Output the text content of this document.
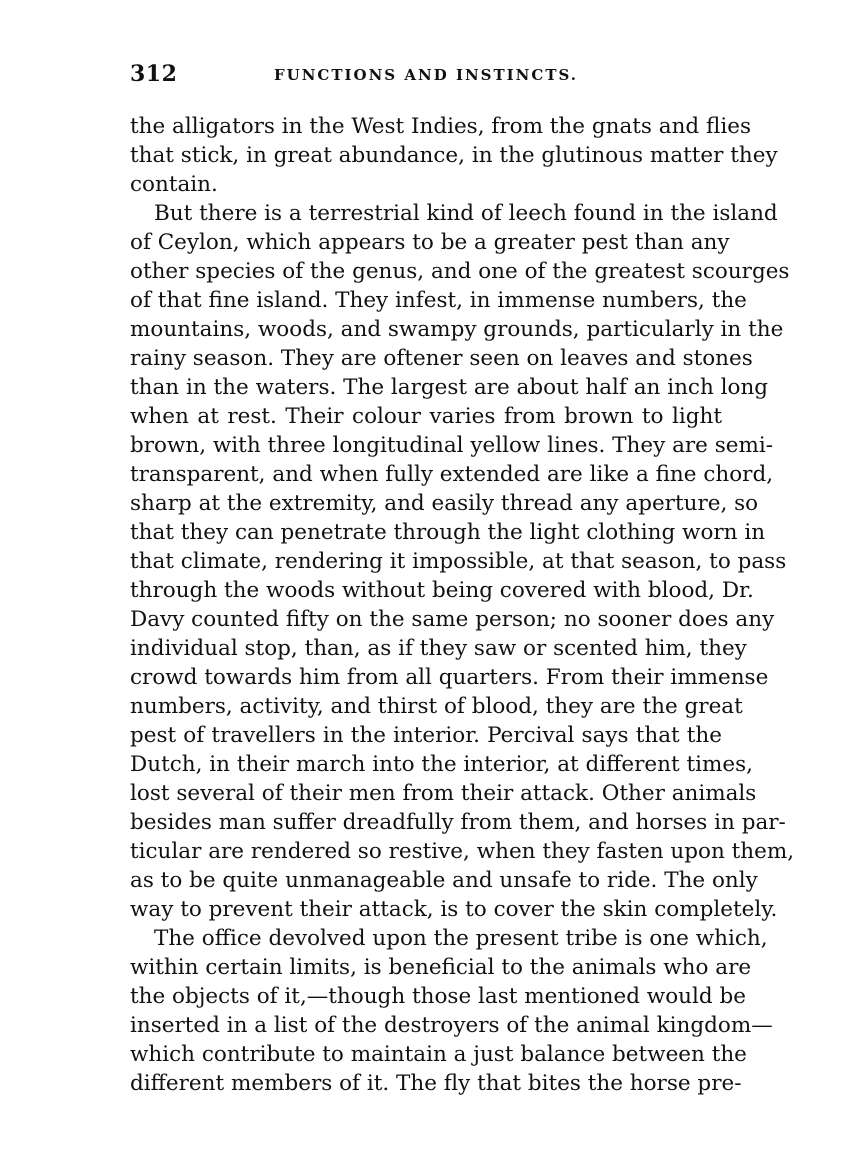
312	FUNCTIONS AND INSTINCTS.
the alligators in the West Indies, from the gnats and flies
that stick, in great abundance, in the glutinous matter they
contain.
But there is a terrestrial kind of leech found in the island
of Ceylon, which appears to be a greater pest than any
other species of the genus, and one of the greatest scourges
of that fine island. They infest, in immense numbers, the
mountains, woods, and swampy grounds, particularly in the
rainy season. They are oftener seen on leaves and stones
than in the waters. The largest are about half an inch long
when at rest. Their colour varies from brown to light
brown, with three longitudinal yellow lines. They are semi-
transparent, and when fully extended are like a fine chord,
sharp at the extremity, and easily thread any aperture, so
that they can penetrate through the light clothing worn in
that climate, rendering it impossible, at that season, to pass
through the woods without being covered with blood, Dr.
Davy counted fifty on the same person; no sooner does any
individual stop, than, as if they saw or scented him, they
crowd towards him from all quarters. From their immense
numbers, activity, and thirst of blood, they are the great
pest of travellers in the interior. Percival says that the
Dutch, in their march into the interior, at different times,
lost several of their men from their attack. Other animals
besides man suffer dreadfully from them, and horses in par-
ticular are rendered so restive, when they fasten upon them,
as to be quite unmanageable and unsafe to ride. The only
way to prevent their attack, is to cover the skin completely.
The office devolved upon the present tribe is one which,
within certain limits, is beneficial to the animals who are
the objects of it,—though those last mentioned would be
inserted in a list of the destroyers of the animal kingdom—
which contribute to maintain a just balance between the
different members of it. The fly that bites the horse pre-
